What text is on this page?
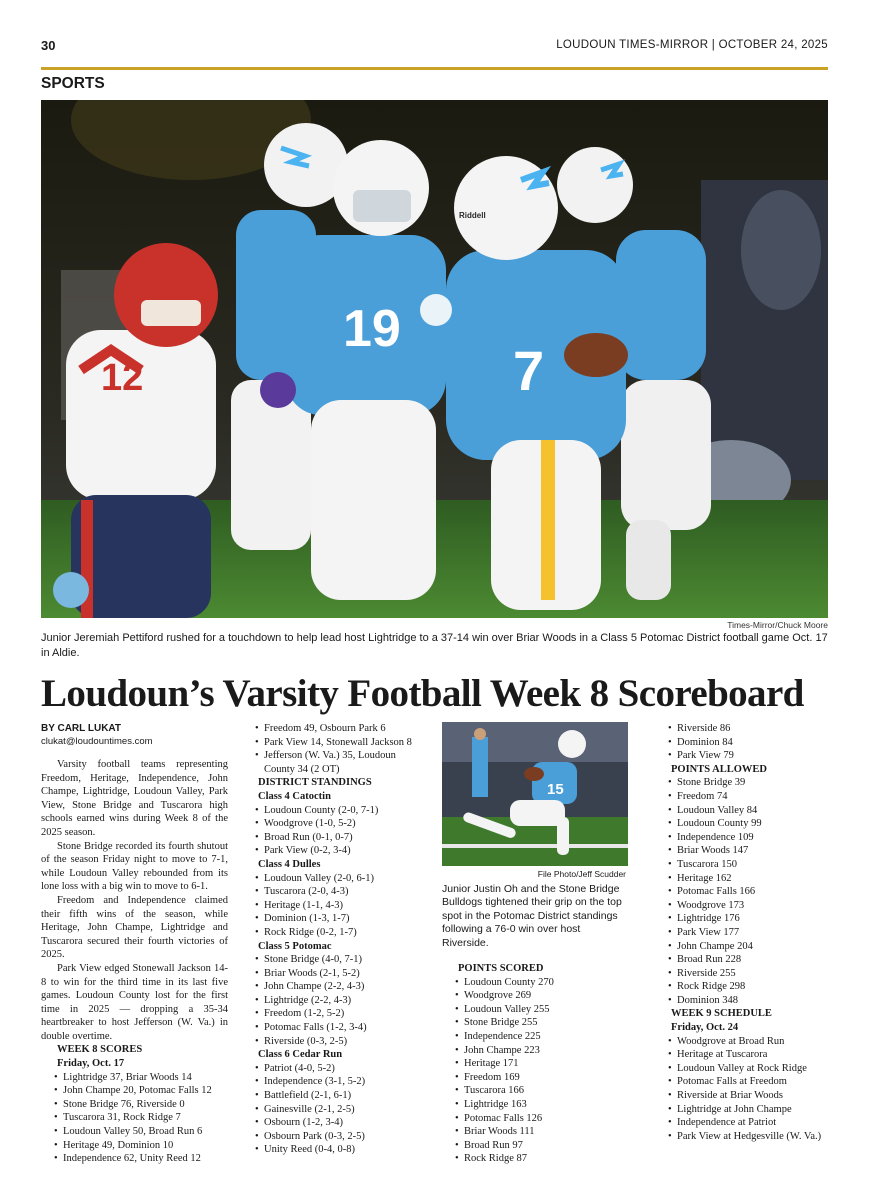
30	LOUDOUN TIMES-MIRROR | OCTOBER 24, 2025
SPORTS
19
7
Riddell
12
Times-Mirror/Chuck Moore
Junior Jeremiah Pettiford rushed for a touchdown to help lead host Lightridge to a 37-14 win over Briar Woods in a Class 5 Potomac District football game Oct. 17 in Aldie.
Loudoun’s Varsity Football Week 8 Scoreboard
BY CARL LUKAT
clukat@loudountimes.com

Varsity football teams representing Freedom, Heritage, Independence, John Champe, Lightridge, Loudoun Valley, Park View, Stone Bridge and Tuscarora high schools earned wins during Week 8 of the 2025 season.

Stone Bridge recorded its fourth shutout of the season Friday night to move to 7-1, while Loudoun Valley rebounded from its lone loss with a big win to move to 6-1.

Freedom and Independence claimed their fifth wins of the season, while Heritage, John Champe, Lightridge and Tuscarora secured their fourth victories of 2025.

Park View edged Stonewall Jackson 14-8 to win for the third time in its last five games. Loudoun County lost for the first time in 2025 — dropping a 35-34 heartbreaker to host Jefferson (W. Va.) in double overtime.

WEEK 8 SCORES
Friday, Oct. 17
• Lightridge 37, Briar Woods 14
• John Champe 20, Potomac Falls 12
• Stone Bridge 76, Riverside 0
• Tuscarora 31, Rock Ridge 7
• Loudoun Valley 50, Broad Run 6
• Heritage 49, Dominion 10
• Independence 62, Unity Reed 12
• Freedom 49, Osbourn Park 6
• Park View 14, Stonewall Jackson 8
• Jefferson (W. Va.) 35, Loudoun County 34 (2 OT)
DISTRICT STANDINGS
Class 4 Catoctin
• Loudoun County (2-0, 7-1)
• Woodgrove (1-0, 5-2)
• Broad Run (0-1, 0-7)
• Park View (0-2, 3-4)
Class 4 Dulles
• Loudoun Valley (2-0, 6-1)
• Tuscarora (2-0, 4-3)
• Heritage (1-1, 4-3)
• Dominion (1-3, 1-7)
• Rock Ridge (0-2, 1-7)
Class 5 Potomac
• Stone Bridge (4-0, 7-1)
• Briar Woods (2-1, 5-2)
• John Champe (2-2, 4-3)
• Lightridge (2-2, 4-3)
• Freedom (1-2, 5-2)
• Potomac Falls (1-2, 3-4)
• Riverside (0-3, 2-5)
Class 6 Cedar Run
• Patriot (4-0, 5-2)
• Independence (3-1, 5-2)
• Battlefield (2-1, 6-1)
• Gainesville (2-1, 2-5)
• Osbourn (1-2, 3-4)
• Osbourn Park (0-3, 2-5)
• Unity Reed (0-4, 0-8)
15
File Photo/Jeff Scudder
Junior Justin Oh and the Stone Bridge Bulldogs tightened their grip on the top spot in the Potomac District standings following a 76-0 win over host Riverside.
POINTS SCORED
• Loudoun County 270
• Woodgrove 269
• Loudoun Valley 255
• Stone Bridge 255
• Independence 225
• John Champe 223
• Heritage 171
• Freedom 169
• Tuscarora 166
• Lightridge 163
• Potomac Falls 126
• Briar Woods 111
• Broad Run 97
• Rock Ridge 87
• Riverside 86
• Dominion 84
• Park View 79
POINTS ALLOWED
• Stone Bridge 39
• Freedom 74
• Loudoun Valley 84
• Loudoun County 99
• Independence 109
• Briar Woods 147
• Tuscarora 150
• Heritage 162
• Potomac Falls 166
• Woodgrove 173
• Lightridge 176
• Park View 177
• John Champe 204
• Broad Run 228
• Riverside 255
• Rock Ridge 298
• Dominion 348
WEEK 9 SCHEDULE
Friday, Oct. 24
• Woodgrove at Broad Run
• Heritage at Tuscarora
• Loudoun Valley at Rock Ridge
• Potomac Falls at Freedom
• Riverside at Briar Woods
• Lightridge at John Champe
• Independence at Patriot
• Park View at Hedgesville (W. Va.)
